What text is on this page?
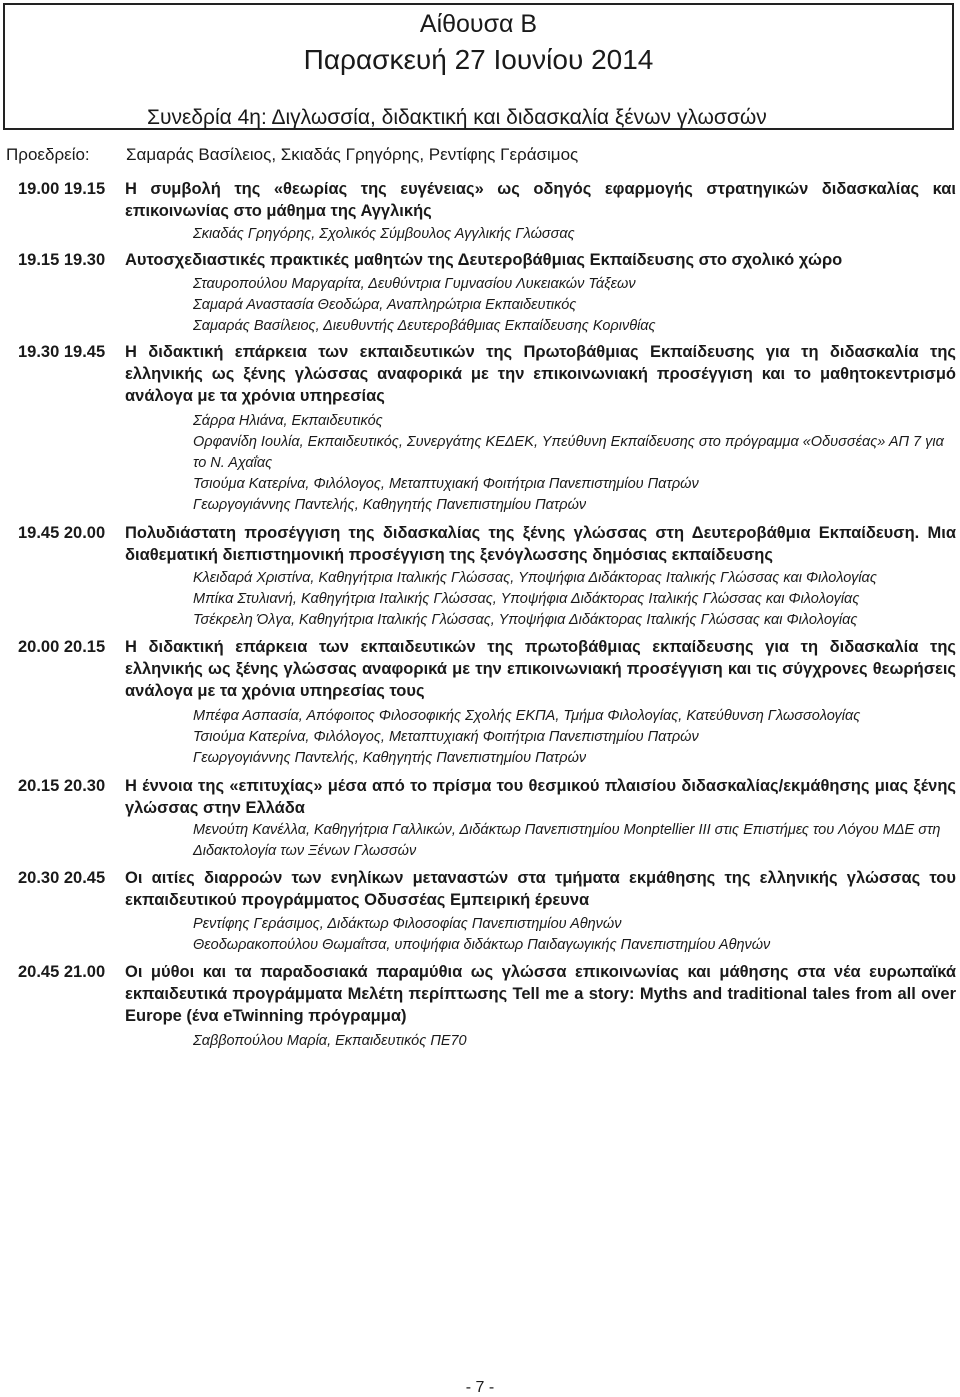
Αίθουσα Β
Παρασκευή 27 Ιουνίου 2014
Συνεδρία 4η: Διγλωσσία, διδακτική και διδασκαλία ξένων γλωσσών
Προεδρείο: Σαμαράς Βασίλειος, Σκιαδάς Γρηγόρης, Ρεντίφης Γεράσιμος
19.00 19.15 Η συμβολή της «θεωρίας της ευγένειας» ως οδηγός εφαρμογής στρατηγικών διδασκαλίας και επικοινωνίας στο μάθημα της Αγγλικής
Σκιαδάς Γρηγόρης, Σχολικός Σύμβουλος Αγγλικής Γλώσσας
19.15 19.30 Αυτοσχεδιαστικές πρακτικές μαθητών της Δευτεροβάθμιας Εκπαίδευσης στο σχολικό χώρο
Σταυροπούλου Μαργαρίτα, Δευθύντρια Γυμνασίου Λυκειακών Τάξεων
Σαμαρά Αναστασία Θεοδώρα, Αναπληρώτρια Εκπαιδευτικός
Σαμαράς Βασίλειος, Διευθυντής Δευτεροβάθμιας Εκπαίδευσης Κορινθίας
19.30 19.45 Η διδακτική επάρκεια των εκπαιδευτικών της Πρωτοβάθμιας Εκπαίδευσης για τη διδασκαλία της ελληνικής ως ξένης γλώσσας αναφορικά με την επικοινωνιακή προσέγγιση και το μαθητοκεντρισμό ανάλογα με τα χρόνια υπηρεσίας
Σάρρα Ηλιάνα, Εκπαιδευτικός
Ορφανίδη Ιουλία, Εκπαιδευτικός, Συνεργάτης ΚΕΔΕΚ, Υπεύθυνη Εκπαίδευσης στο πρόγραμμα «Οδυσσέας» ΑΠ 7 για το Ν. Αχαΐας
Τσιούμα Κατερίνα, Φιλόλογος, Μεταπτυχιακή Φοιτήτρια Πανεπιστημίου Πατρών
Γεωργογιάννης Παντελής, Καθηγητής Πανεπιστημίου Πατρών
19.45 20.00 Πολυδιάστατη προσέγγιση της διδασκαλίας της ξένης γλώσσας στη Δευτεροβάθμια Εκπαίδευση. Μια διαθεματική διεπιστημονική προσέγγιση της ξενόγλωσσης δημόσιας εκπαίδευσης
Κλειδαρά Χριστίνα, Καθηγήτρια Ιταλικής Γλώσσας, Υποψήφια Διδάκτορας Ιταλικής Γλώσσας και Φιλολογίας
Μπίκα Στυλιανή, Καθηγήτρια Ιταλικής Γλώσσας, Υποψήφια Διδάκτορας Ιταλικής Γλώσσας και Φιλολογίας
Τσέκρελη Όλγα, Καθηγήτρια Ιταλικής Γλώσσας, Υποψήφια Διδάκτορας Ιταλικής Γλώσσας και Φιλολογίας
20.00 20.15 Η διδακτική επάρκεια των εκπαιδευτικών της πρωτοβάθμιας εκπαίδευσης για τη διδασκαλία της ελληνικής ως ξένης γλώσσας αναφορικά με την επικοινωνιακή προσέγγιση και τις σύγχρονες θεωρήσεις ανάλογα με τα χρόνια υπηρεσίας τους
Μπέφα Ασπασία, Απόφοιτος Φιλοσοφικής Σχολής ΕΚΠΑ, Τμήμα Φιλολογίας, Κατεύθυνση Γλωσσολογίας
Τσιούμα Κατερίνα, Φιλόλογος, Μεταπτυχιακή Φοιτήτρια Πανεπιστημίου Πατρών
Γεωργογιάννης Παντελής, Καθηγητής Πανεπιστημίου Πατρών
20.15 20.30 Η έννοια της «επιτυχίας» μέσα από το πρίσμα του θεσμικού πλαισίου διδασκαλίας/εκμάθησης μιας ξένης γλώσσας στην Ελλάδα
Μενούτη Κανέλλα, Καθηγήτρια Γαλλικών, Διδάκτωρ Πανεπιστημίου Monptellier III στις Επιστήμες του Λόγου ΜΔΕ στη Διδακτολογία των Ξένων Γλωσσών
20.30 20.45 Οι αιτίες διαρροών των ενηλίκων μεταναστών στα τμήματα εκμάθησης της ελληνικής γλώσσας του εκπαιδευτικού προγράμματος Οδυσσέας Εμπειρική έρευνα
Ρεντίφης Γεράσιμος, Διδάκτωρ Φιλοσοφίας Πανεπιστημίου Αθηνών
Θεοδωρακοπούλου Θωμαΐτσα, υποψήφια διδάκτωρ Παιδαγωγικής Πανεπιστημίου Αθηνών
20.45 21.00 Οι μύθοι και τα παραδοσιακά παραμύθια ως γλώσσα επικοινωνίας και μάθησης στα νέα ευρωπαϊκά εκπαιδευτικά προγράμματα Μελέτη περίπτωσης Tell me a story: Myths and traditional tales from all over Europe (ένα eTwinning πρόγραμμα)
Σαββοπούλου Μαρία, Εκπαιδευτικός ΠΕ70
- 7 -
